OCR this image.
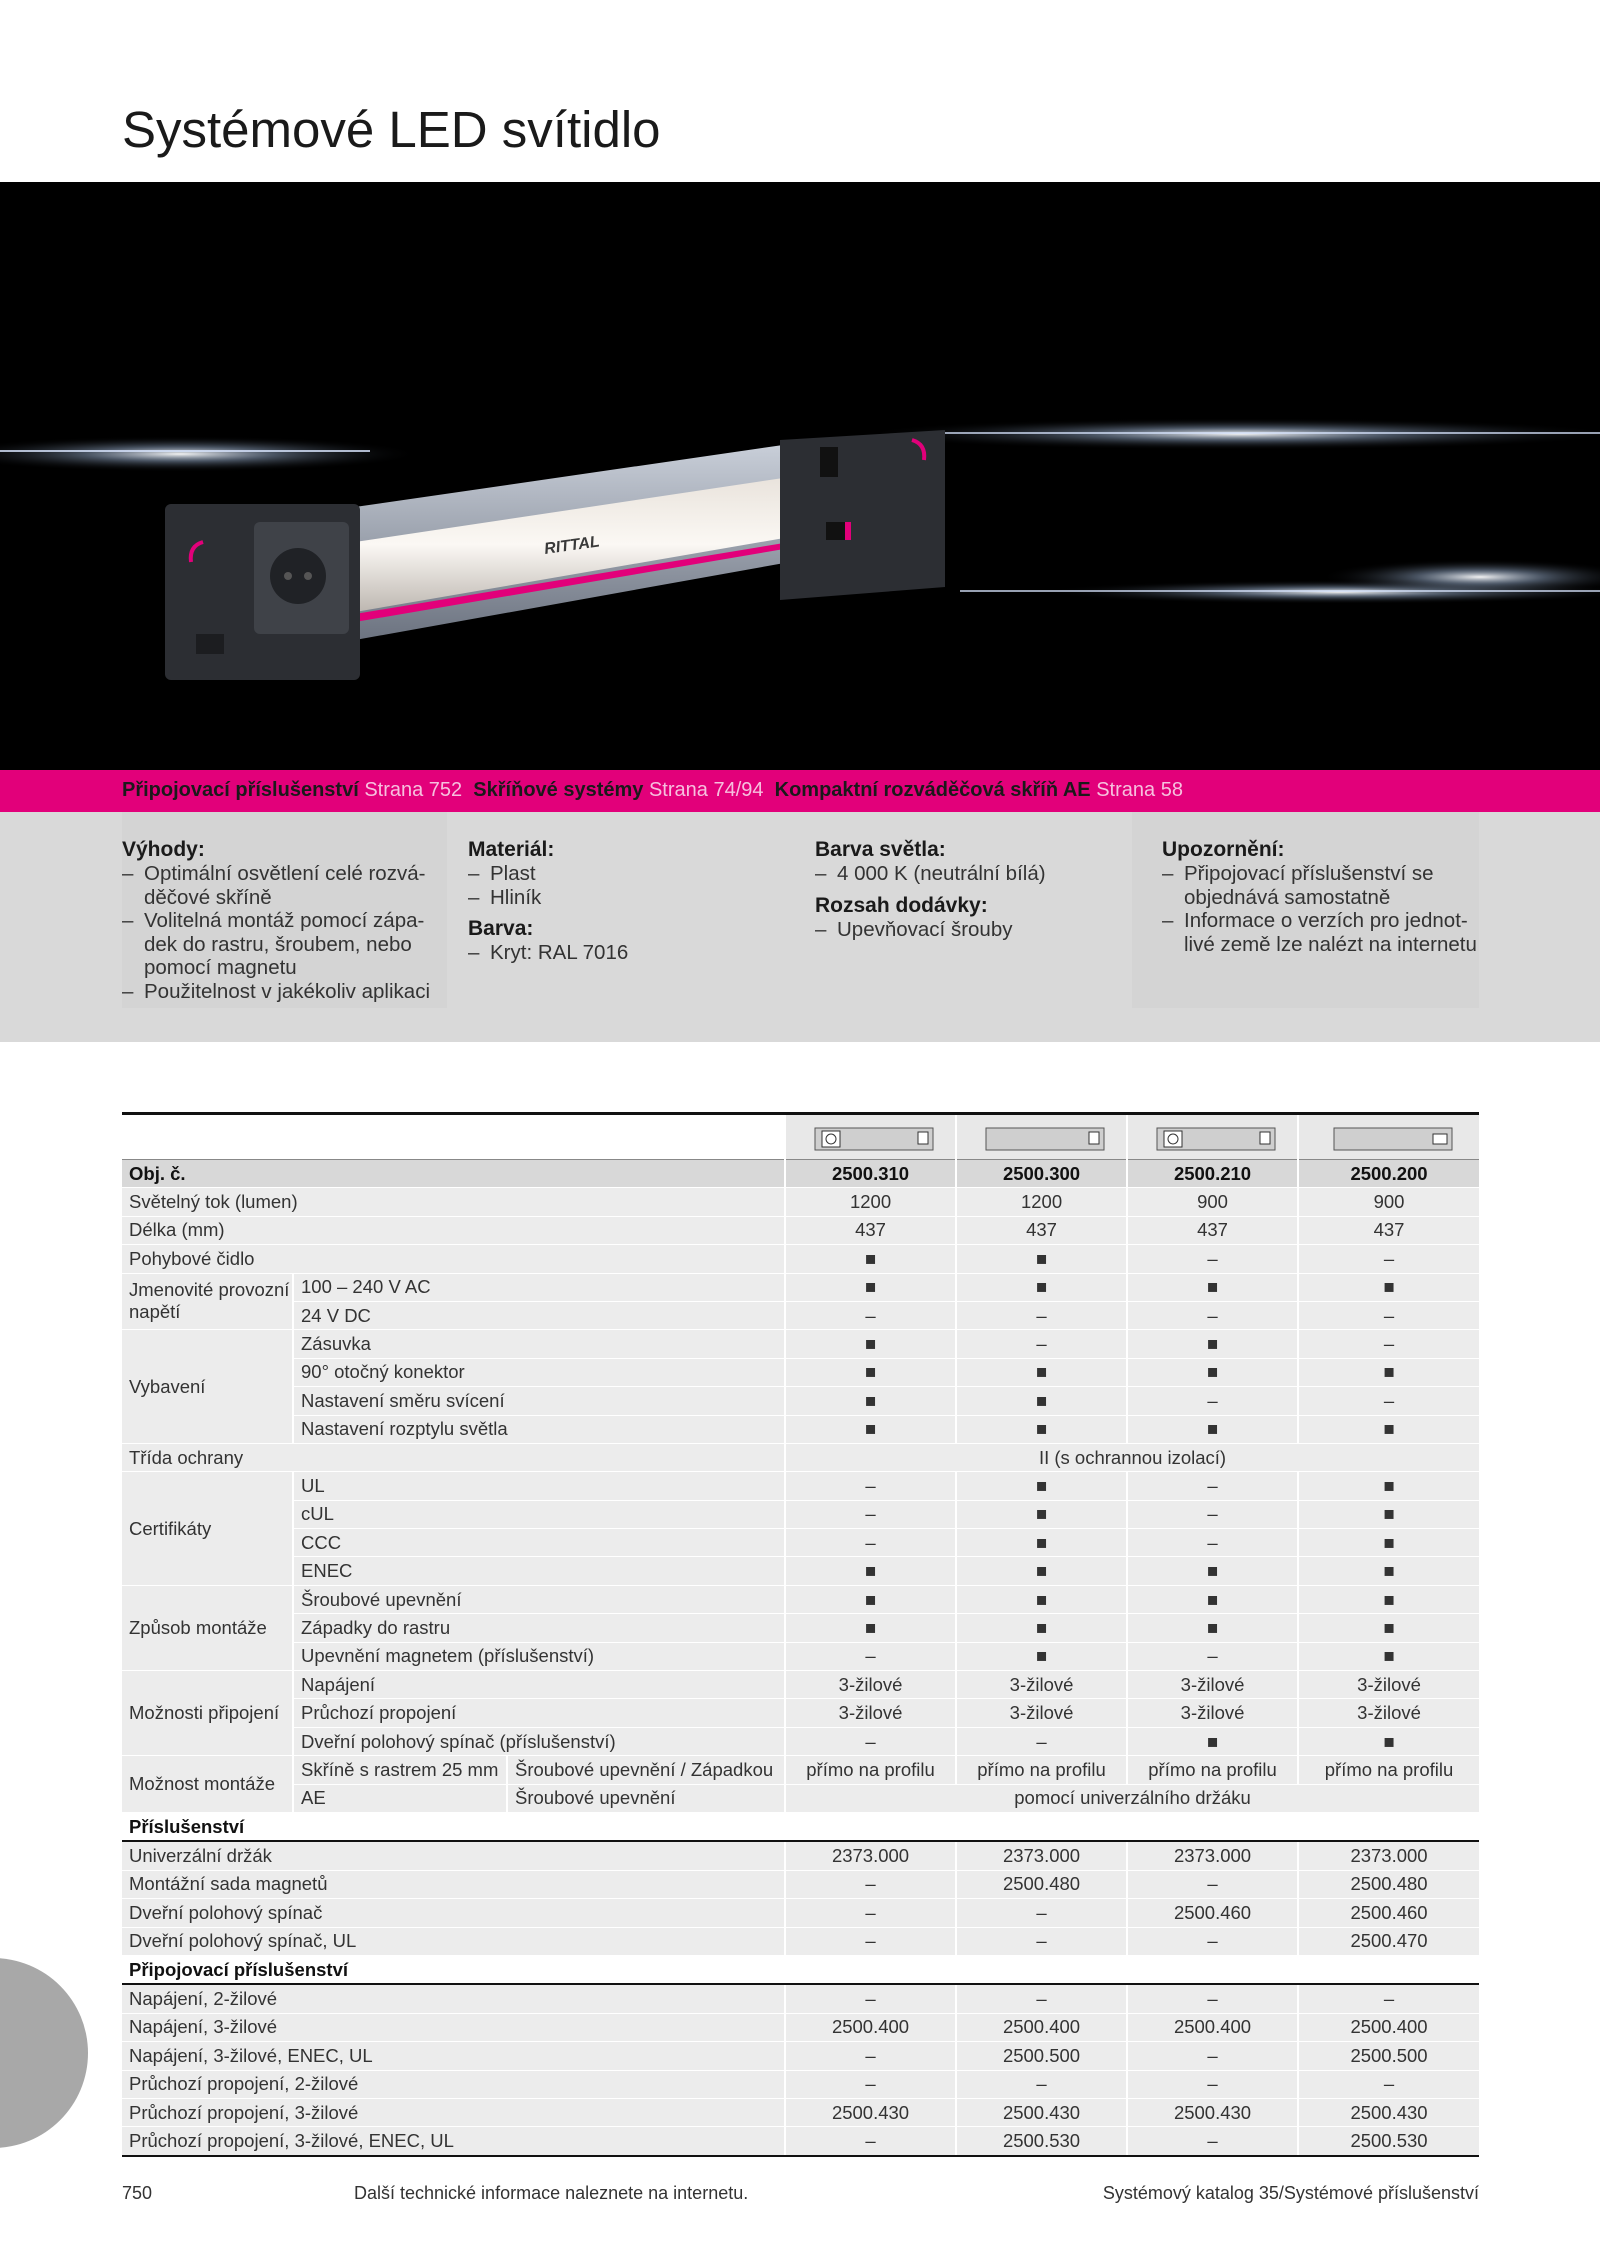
Systémové LED svítidlo
RITTAL
Připojovací příslušenství Strana 752 Skříňové systémy Strana 74/94 Kompaktní rozváděčová skříň AE Strana 58
Výhody:
– Optimální osvětlení celé rozvá-
děčové skříně
– Volitelná montáž pomocí zápa-
dek do rastru, šroubem, nebo
pomocí magnetu
– Použitelnost v jakékoliv aplikaci
Materiál:
– Plast
– Hliník
Barva:
– Kryt: RAL 7016
Barva světla:
– 4 000 K (neutrální bílá)
Rozsah dodávky:
– Upevňovací šrouby
Upozornění:
– Připojovací příslušenství se
objednává samostatně
– Informace o verzích pro jednot-
livé země lze nalézt na internetu

Obj. č.			2500.310	2500.300	2500.210	2500.200
Světelný tok (lumen)			1200	1200	900	900
Délka (mm)			437	437	437	437
Pohybové čidlo			■	■	–	–
Jmenovité provozní napětí	100 – 240 V AC		■	■	■	■
	24 V DC		–	–	–	–
Vybavení	Zásuvka		■	–	■	–
	90° otočný konektor		■	■	■	■
	Nastavení směru svícení		■	■	–	–
	Nastavení rozptylu světla		■	■	■	■
Třída ochrany			II (s ochrannou izolací)			
Certifikáty	UL		–	■	–	■
	cUL		–	■	–	■
	CCC		–	■	–	■
	ENEC		■	■	■	■
Způsob montáže	Šroubové upevnění		■	■	■	■
	Západky do rastru		■	■	■	■
	Upevnění magnetem (příslušenství)		–	■	–	■
Možnosti připojení	Napájení		3-žilové	3-žilové	3-žilové	3-žilové
	Průchozí propojení		3-žilové	3-žilové	3-žilové	3-žilové
	Dveřní polohový spínač (příslušenství)		–	–	■	■
Možnost montáže	Skříně s rastrem 25 mm	Šroubové upevnění / Západkou	přímo na profilu	přímo na profilu	přímo na profilu	přímo na profilu
	AE	Šroubové upevnění	pomocí univerzálního držáku			
Příslušenství						
Univerzální držák			2373.000	2373.000	2373.000	2373.000
Montážní sada magnetů			–	2500.480	–	2500.480
Dveřní polohový spínač			–	–	2500.460	2500.460
Dveřní polohový spínač, UL			–	–	–	2500.470
Připojovací příslušenství						
Napájení, 2-žilové			–	–	–	–
Napájení, 3-žilové			2500.400	2500.400	2500.400	2500.400
Napájení, 3-žilové, ENEC, UL			–	2500.500	–	2500.500
Průchozí propojení, 2-žilové			–	–	–	–
Průchozí propojení, 3-žilové			2500.430	2500.430	2500.430	2500.430
Průchozí propojení, 3-žilové, ENEC, UL			–	2500.530	–	2500.530
750	Další technické informace naleznete na internetu.	Systémový katalog 35/Systémové příslušenství
